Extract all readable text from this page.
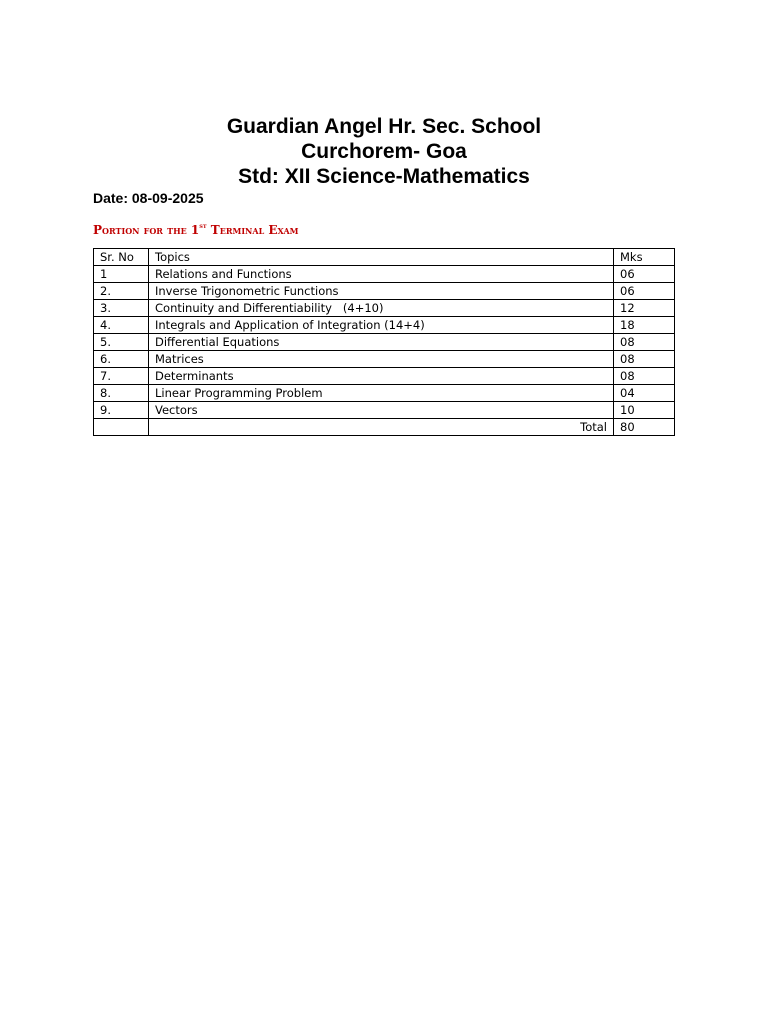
Guardian Angel Hr. Sec. School
Curchorem- Goa
Std: XII Science-Mathematics
Date: 08-09-2025
Portion for the 1st Terminal Exam
Sr. No	Topics	Mks
1	Relations and Functions	06
2.	Inverse Trigonometric Functions	06
3.	Continuity and Differentiability   (4+10)	12
4.	Integrals and Application of Integration (14+4)	18
5.	Differential Equations	08
6.	Matrices	08
7.	Determinants	08
8.	Linear Programming Problem	04
9.	Vectors	10
	Total	80
